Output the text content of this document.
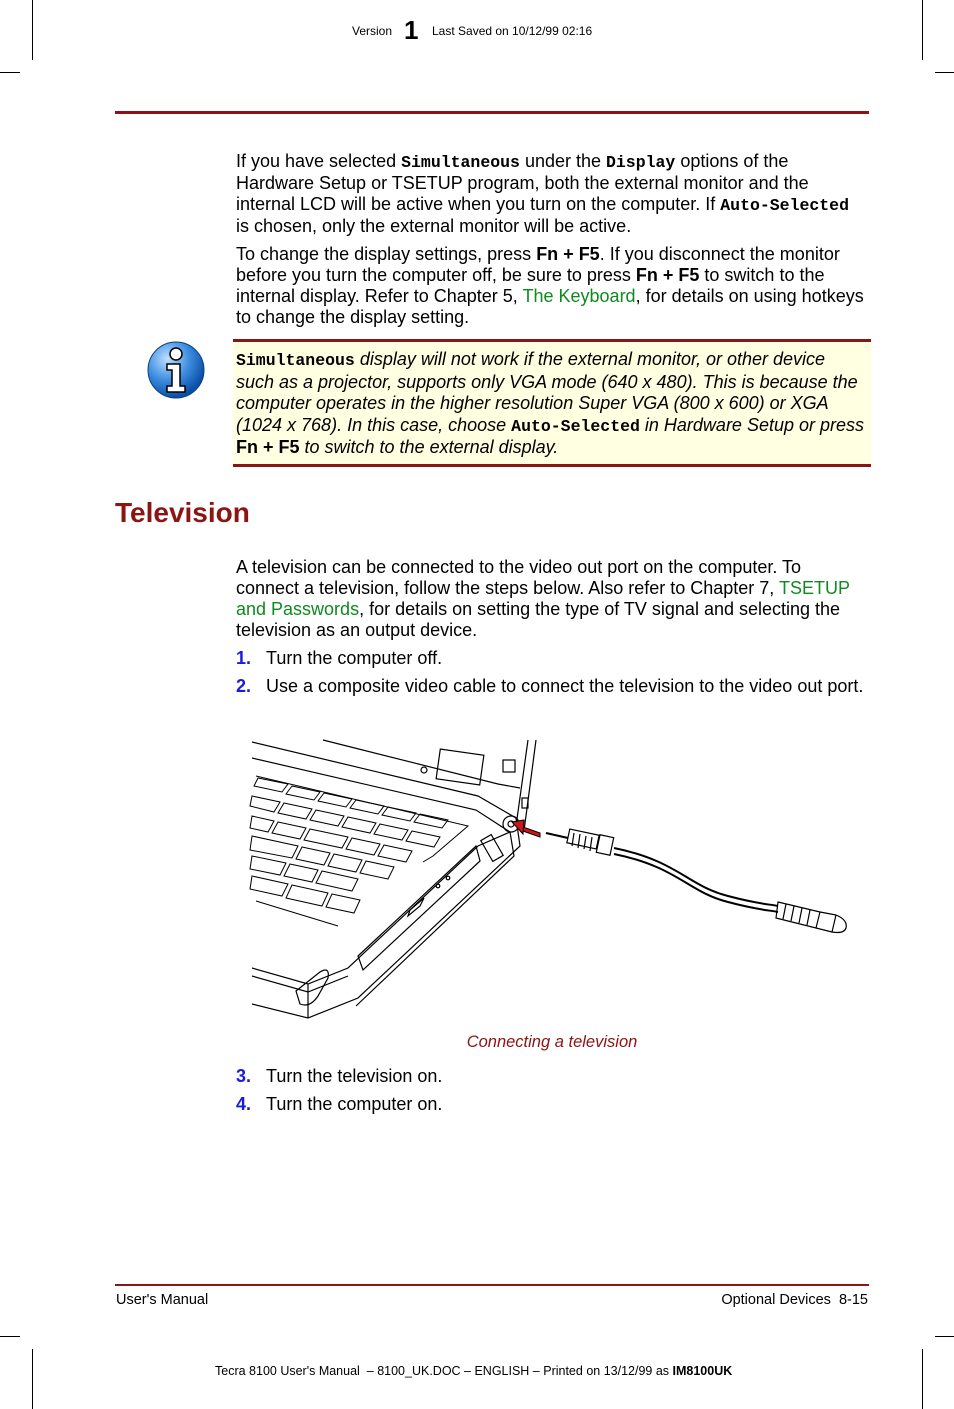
Version 1 Last Saved on 10/12/99 02:16

If you have selected Simultaneous under the Display options of the Hardware Setup or TSETUP program, both the external monitor and the internal LCD will be active when you turn on the computer. If Auto-Selected is chosen, only the external monitor will be active.

To change the display settings, press Fn + F5. If you disconnect the monitor before you turn the computer off, be sure to press Fn + F5 to switch to the internal display. Refer to Chapter 5, The Keyboard, for details on using hotkeys to change the display setting.

Simultaneous display will not work if the external monitor, or other device such as a projector, supports only VGA mode (640 x 480). This is because the computer operates in the higher resolution Super VGA (800 x 600) or XGA (1024 x 768). In this case, choose Auto-Selected in Hardware Setup or press Fn + F5 to switch to the external display.
Television

A television can be connected to the video out port on the computer. To connect a television, follow the steps below. Also refer to Chapter 7, TSETUP and Passwords, for details on setting the type of TV signal and selecting the television as an output device.

1. Turn the computer off.
2. Use a composite video cable to connect the television to the video out port.
Connecting a television
3. Turn the television on.
4. Turn the computer on.
User's Manual	Optional Devices  8-15
Tecra 8100 User's Manual  – 8100_UK.DOC – ENGLISH – Printed on 13/12/99 as IM8100UK
